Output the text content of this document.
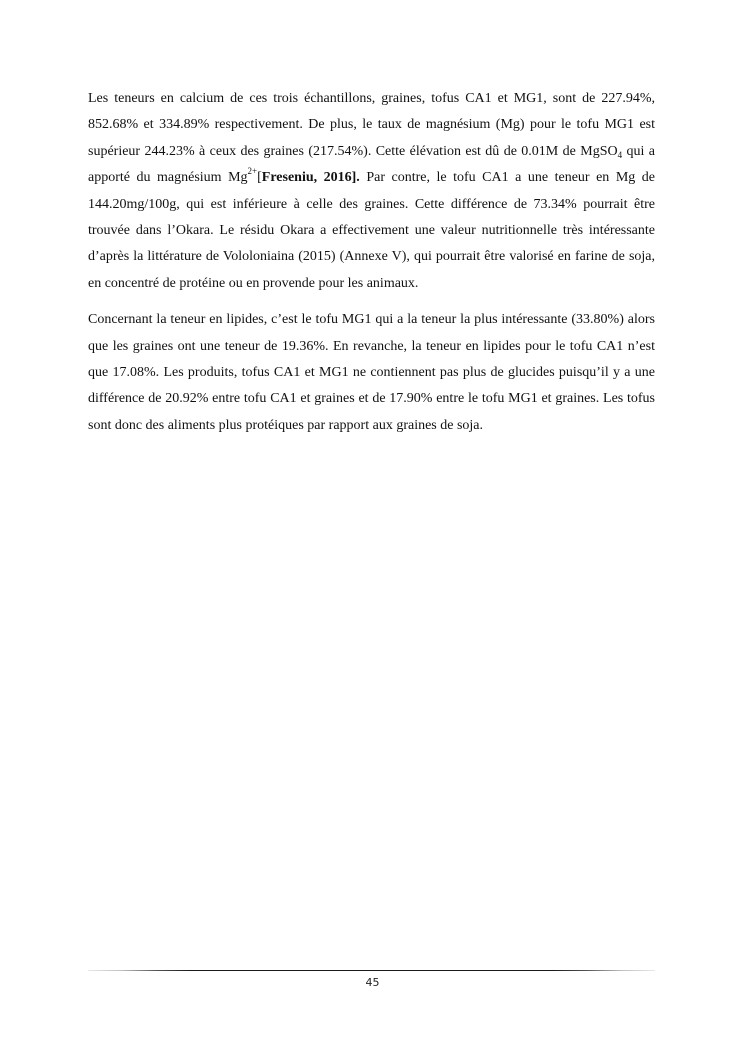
Les teneurs en calcium de ces trois échantillons, graines, tofus CA1 et MG1, sont de 227.94%, 852.68% et 334.89% respectivement. De plus, le taux de magnésium (Mg) pour le tofu MG1 est supérieur 244.23% à ceux des graines (217.54%). Cette élévation est dû de 0.01M de MgSO$_4$ qui a apporté du magnésium $Mg^{2+}[Freseniu$, 2016]. Par contre, le tofu CA1 a une teneur en Mg de 144.20mg/100g, qui est inférieure à celle des graines. Cette différence de 73.34% pourrait être trouvée dans l’Okara. Le résidu Okara a effectivement une valeur nutritionnelle très intéressante d’après la littérature de Vololoniaina (2015) (Annexe V), qui pourrait être valorisé en farine de soja, en concentré de protéine ou en provende pour les animaux.

Concernant la teneur en lipides, c’est le tofu MG1 qui a la teneur la plus intéressante (33.80%) alors que les graines ont une teneur de 19.36%. En revanche, la teneur en lipides pour le tofu CA1 n’est que 17.08%. Les produits, tofus CA1 et MG1 ne contiennent pas plus de glucides puisqu’il y a une différence de 20.92% entre tofu CA1 et graines et de 17.90% entre le tofu MG1 et graines. Les tofus sont donc des aliments plus protéiques par rapport aux graines de soja.

45
